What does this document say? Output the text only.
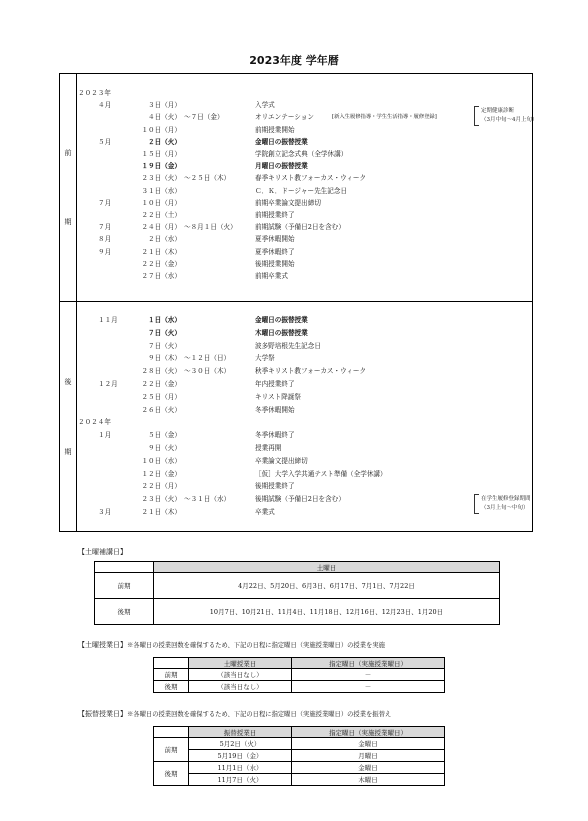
2023年度 学年暦
前
期
後
期
２０２３年
４月	３日（月）	入学式
４日（火） ～７日（金）	オリエンテーション	[新入生履修指導・学生生活指導・履修登録]
１０日（月）	前期授業開始
５月	２日（火）	金曜日の振替授業
１５日（月）	学院創立記念式典（全学休講）
１９日（金）	月曜日の振替授業
２３日（火） ～２５日（木）	春季キリスト教フォーカス・ウィーク
３１日（水）	Ｃ．Ｋ．ドージャー先生記念日
７月	１０日（月）	前期卒業論文提出締切
２２日（土）	前期授業終了
７月	２４日（月） ～８月１日（火）	前期試験（予備日2日を含む）
８月	２日（水）	夏季休暇開始
９月	２１日（木）	夏季休暇終了
２２日（金）	後期授業開始
２７日（水）	前期卒業式
１１月	１日（水）	金曜日の振替授業
７日（火）	木曜日の振替授業
７日（火）	波多野培根先生記念日
９日（木） ～１２日（日）	大学祭
２８日（火） ～３０日（木）	秋季キリスト教フォーカス・ウィーク
１２月	２２日（金）	年内授業終了
２５日（月）	キリスト降誕祭
２６日（火）	冬季休暇開始
２０２４年
１月	５日（金）	冬季休暇終了
９日（火）	授業再開
１０日（水）	卒業論文提出締切
１２日（金）	［仮］大学入学共通テスト準備（全学休講）
２２日（月）	後期授業終了
２３日（火） ～３１日（水）	後期試験（予備日2日を含む）
３月	２１日（木）	卒業式
定期健康診断
（3月中旬～4月上旬）
在学生履修登録期間
（3月上旬～中旬）
【土曜補講日】
	土曜日
前期	4月22日、5月20日、6月3日、6月17日、7月1日、7月22日
後期	10月7日、10月21日、11月4日、11月18日、12月16日、12月23日、1月20日
【土曜授業日】※各曜日の授業回数を確保するため、下記の日程に指定曜日（実施授業曜日）の授業を実施
	土曜授業日	指定曜日（実施授業曜日）
前期	（該当日なし）	－
後期	（該当日なし）	－
【振替授業日】※各曜日の授業回数を確保するため、下記の日程に指定曜日（実施授業曜日）の授業を振替え
	振替授業日	指定曜日（実施授業曜日）
前期	5月2日（火）	金曜日
	5月19日（金）	月曜日
後期	11月1日（水）	金曜日
	11月7日（火）	木曜日
